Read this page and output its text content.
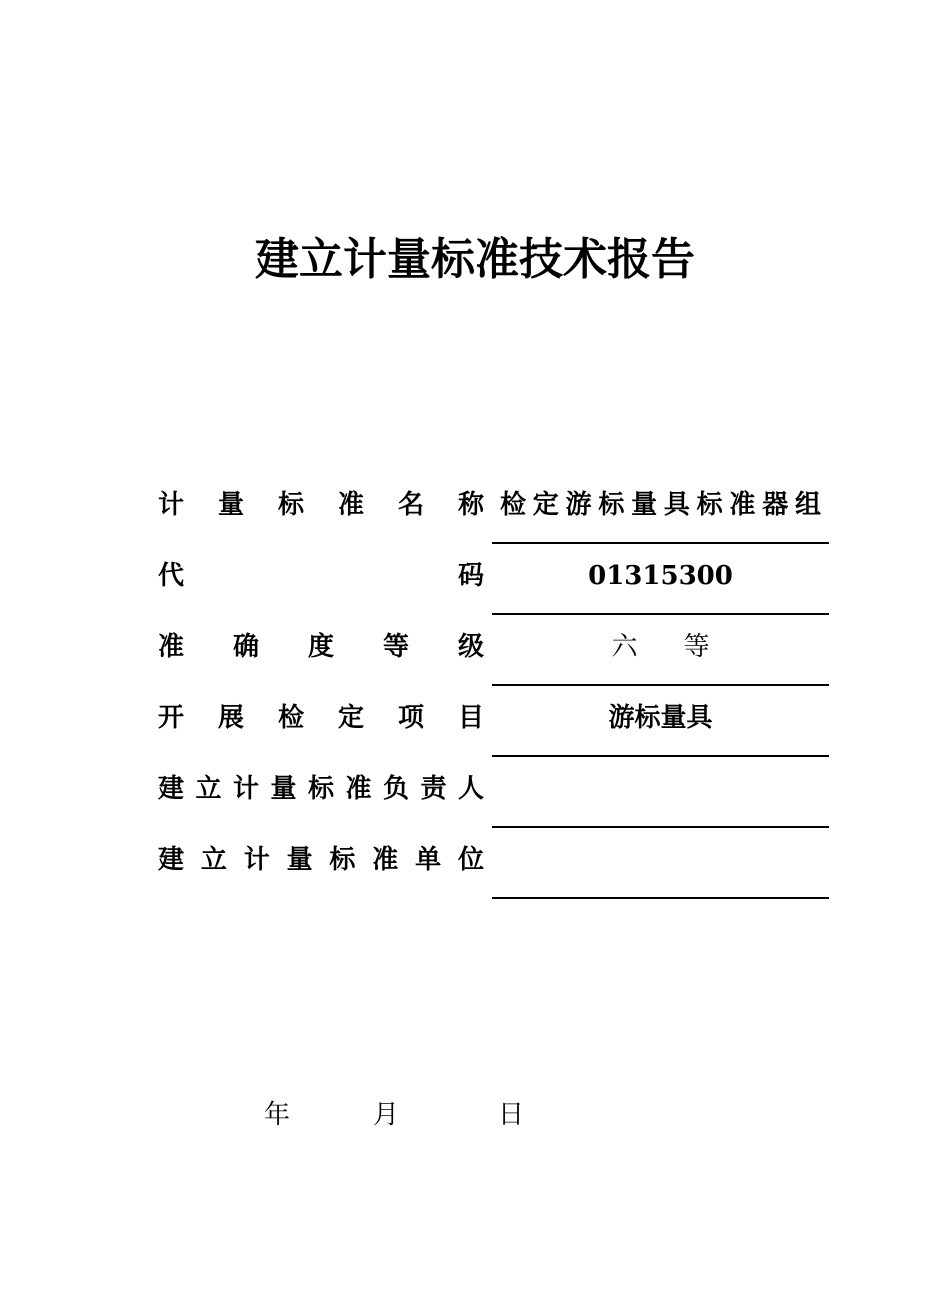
建立计量标准技术报告
计量标准名称 检定游标量具标准器组
代码	01315300
准确度等级	六等
开展检定项目	游标量具
建立计量标准负责人
建立计量标准单位
年	月	日
